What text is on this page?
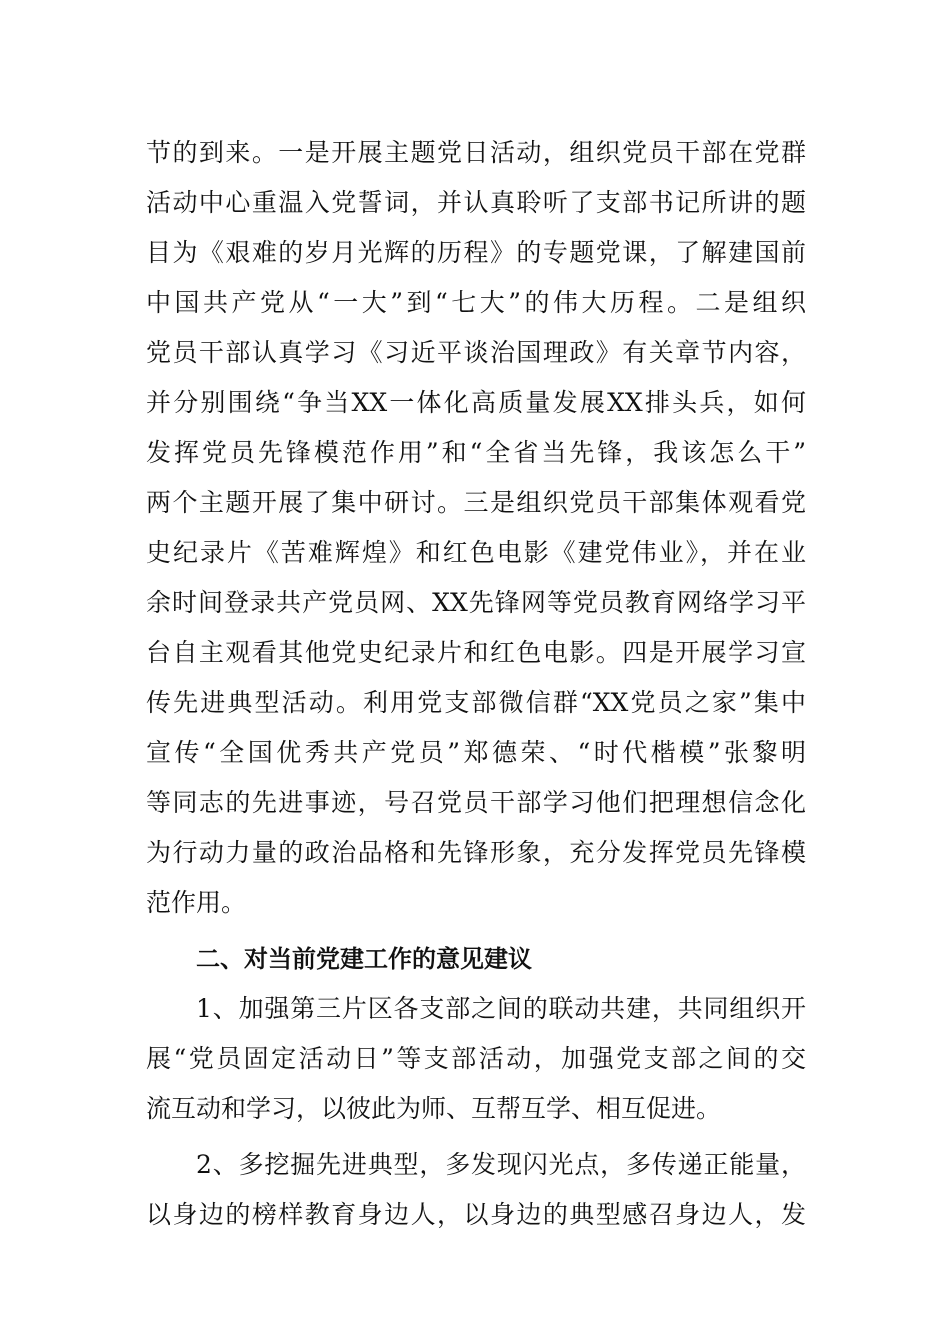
节的到来。一是开展主题党日活动，组织党员干部在党群
活动中心重温入党誓词，并认真聆听了支部书记所讲的题
目为《艰难的岁月光辉的历程》的专题党课，了解建国前
中国共产党从“一大”到“七大”的伟大历程。二是组织
党员干部认真学习《习近平谈治国理政》有关章节内容，
并分别围绕“争当XX一体化高质量发展XX排头兵，如何
发挥党员先锋模范作用”和“全省当先锋，我该怎么干”
两个主题开展了集中研讨。三是组织党员干部集体观看党
史纪录片《苦难辉煌》和红色电影《建党伟业》，并在业
余时间登录共产党员网、XX先锋网等党员教育网络学习平
台自主观看其他党史纪录片和红色电影。四是开展学习宣
传先进典型活动。利用党支部微信群“XX党员之家”集中
宣传“全国优秀共产党员”郑德荣、“时代楷模”张黎明
等同志的先进事迹，号召党员干部学习他们把理想信念化
为行动力量的政治品格和先锋形象，充分发挥党员先锋模
范作用。
二、对当前党建工作的意见建议
1、加强第三片区各支部之间的联动共建，共同组织开
展“党员固定活动日”等支部活动，加强党支部之间的交
流互动和学习，以彼此为师、互帮互学、相互促进。
2、多挖掘先进典型，多发现闪光点，多传递正能量，
以身边的榜样教育身边人，以身边的典型感召身边人，发
